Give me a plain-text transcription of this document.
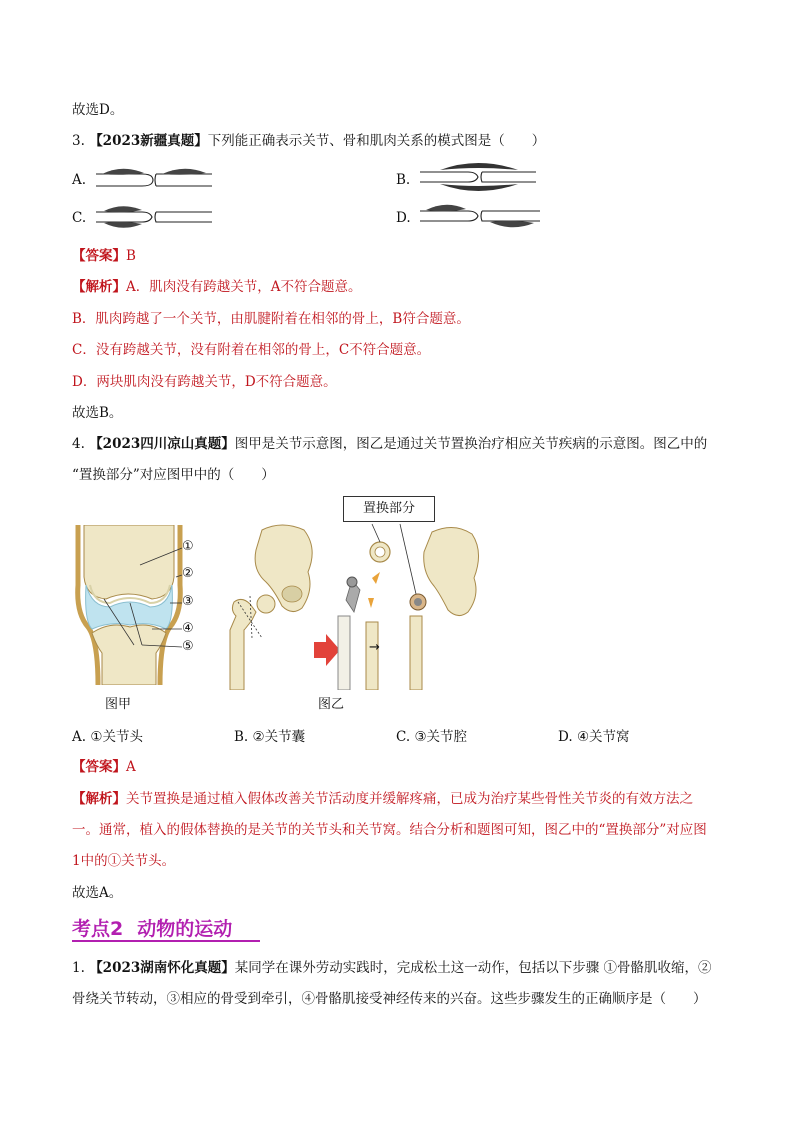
故选D。
3. 【2023新疆真题】下列能正确表示关节、骨和肌肉关系的模式图是（　　）
A.	B.
C.	D.
【答案】B
【解析】A．肌肉没有跨越关节，A不符合题意。
B．肌肉跨越了一个关节，由肌腱附着在相邻的骨上，B符合题意。
C．没有跨越关节，没有附着在相邻的骨上，C不符合题意。
D．两块肌肉没有跨越关节，D不符合题意。
故选B。
4. 【2023四川凉山真题】图甲是关节示意图，图乙是通过关节置换治疗相应关节疾病的示意图。图乙中的
“置换部分”对应图甲中的（　　）
①
②
③
④
⑤
图甲
置换部分
→
图乙
A. ①关节头	B. ②关节囊	C. ③关节腔	D. ④关节窝
【答案】A
【解析】关节置换是通过植入假体改善关节活动度并缓解疼痛，已成为治疗某些骨性关节炎的有效方法之
一。通常，植入的假体替换的是关节的关节头和关节窝。结合分析和题图可知，图乙中的“置换部分”对应图
1中的①关节头。
故选A。
考点2 动物的运动
1. 【2023湖南怀化真题】某同学在课外劳动实践时，完成松土这一动作，包括以下步骤 ①骨骼肌收缩，②
骨绕关节转动，③相应的骨受到牵引，④骨骼肌接受神经传来的兴奋。这些步骤发生的正确顺序是（　　）
